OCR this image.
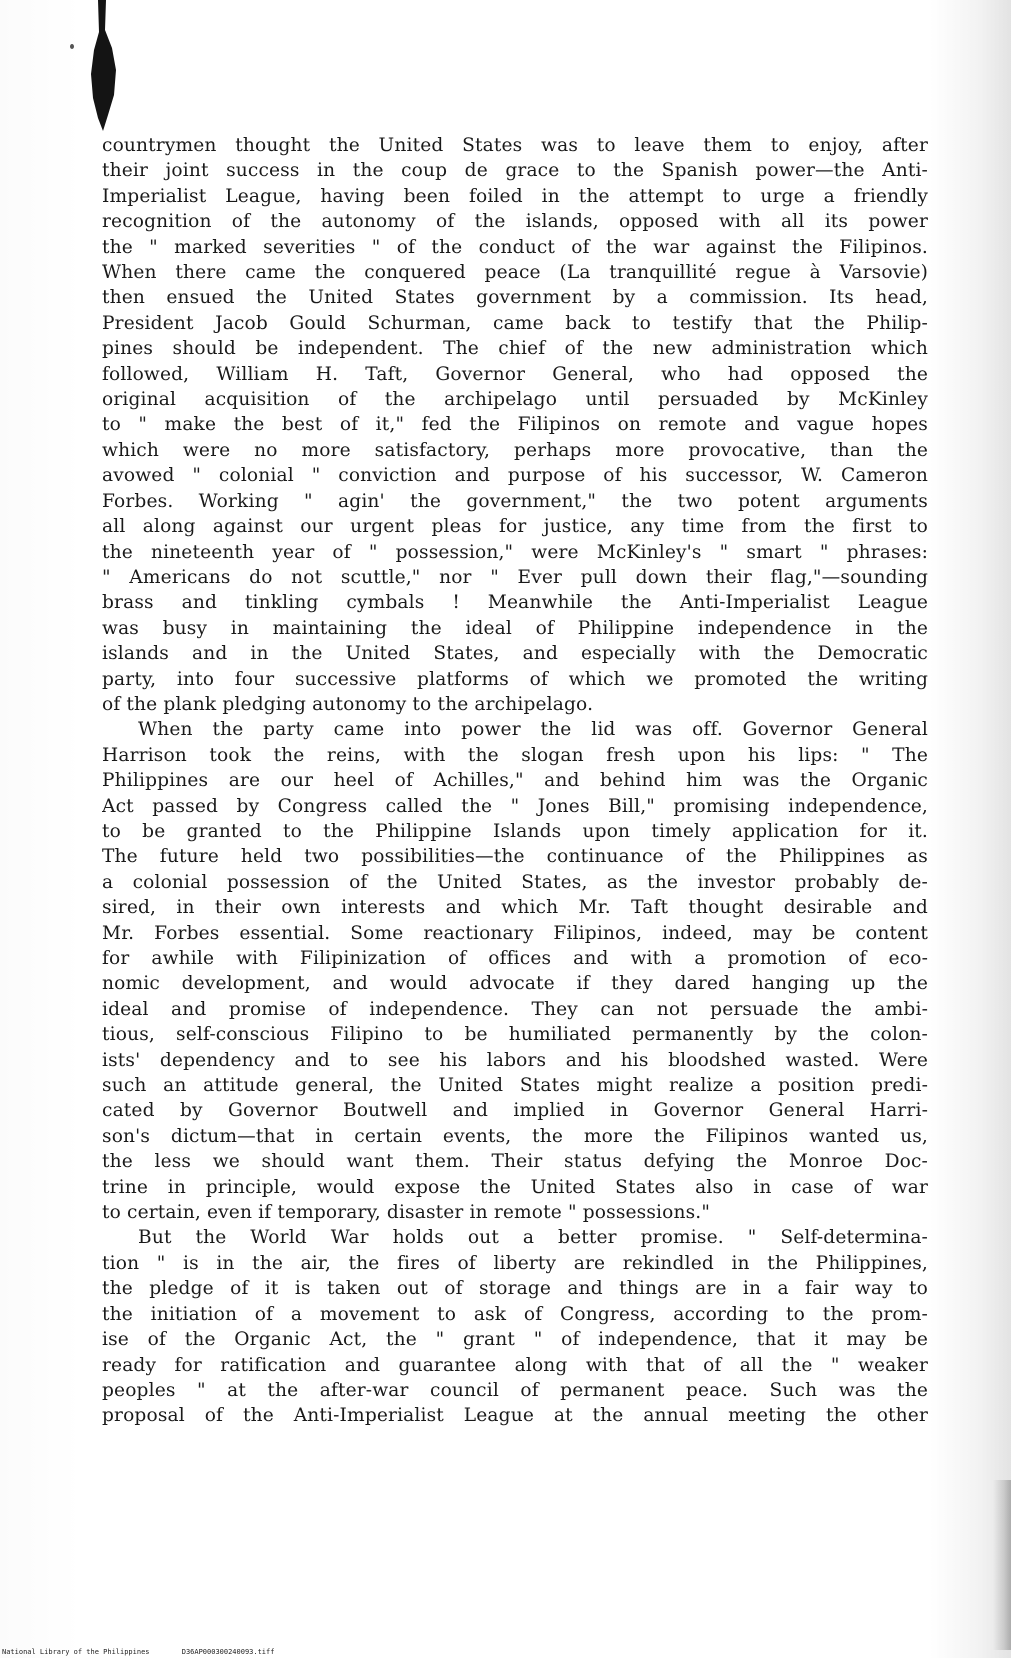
countrymen thought the United States was to leave them to enjoy, after
their joint success in the coup de grace to the Spanish power—the Anti-
Imperialist League, having been foiled in the attempt to urge a friendly
recognition of the autonomy of the islands, opposed with all its power
the " marked severities " of the conduct of the war against the Filipinos.
When there came the conquered peace (La tranquillité regue à Varsovie)
then ensued the United States government by a commission. Its head,
President Jacob Gould Schurman, came back to testify that the Philip-
pines should be independent. The chief of the new administration which
followed, William H. Taft, Governor General, who had opposed the
original acquisition of the archipelago until persuaded by McKinley
to " make the best of it," fed the Filipinos on remote and vague hopes
which were no more satisfactory, perhaps more provocative, than the
avowed " colonial " conviction and purpose of his successor, W. Cameron
Forbes. Working " agin' the government," the two potent arguments
all along against our urgent pleas for justice, any time from the first to
the nineteenth year of " possession," were McKinley's " smart " phrases:
" Americans do not scuttle," nor " Ever pull down their flag,"—sounding
brass and tinkling cymbals ! Meanwhile the Anti-Imperialist League
was busy in maintaining the ideal of Philippine independence in the
islands and in the United States, and especially with the Democratic
party, into four successive platforms of which we promoted the writing
of the plank pledging autonomy to the archipelago.
When the party came into power the lid was off. Governor General
Harrison took the reins, with the slogan fresh upon his lips: " The
Philippines are our heel of Achilles," and behind him was the Organic
Act passed by Congress called the " Jones Bill," promising independence,
to be granted to the Philippine Islands upon timely application for it.
The future held two possibilities—the continuance of the Philippines as
a colonial possession of the United States, as the investor probably de-
sired, in their own interests and which Mr. Taft thought desirable and
Mr. Forbes essential. Some reactionary Filipinos, indeed, may be content
for awhile with Filipinization of offices and with a promotion of eco-
nomic development, and would advocate if they dared hanging up the
ideal and promise of independence. They can not persuade the ambi-
tious, self-conscious Filipino to be humiliated permanently by the colon-
ists' dependency and to see his labors and his bloodshed wasted. Were
such an attitude general, the United States might realize a position predi-
cated by Governor Boutwell and implied in Governor General Harri-
son's dictum—that in certain events, the more the Filipinos wanted us,
the less we should want them. Their status defying the Monroe Doc-
trine in principle, would expose the United States also in case of war
to certain, even if temporary, disaster in remote " possessions."
But the World War holds out a better promise. " Self-determina-
tion " is in the air, the fires of liberty are rekindled in the Philippines,
the pledge of it is taken out of storage and things are in a fair way to
the initiation of a movement to ask of Congress, according to the prom-
ise of the Organic Act, the " grant " of independence, that it may be
ready for ratification and guarantee along with that of all the " weaker
peoples " at the after-war council of permanent peace. Such was the
proposal of the Anti-Imperialist League at the annual meeting the other
National Library of the Philippines	D36AP000300240093.tiff
